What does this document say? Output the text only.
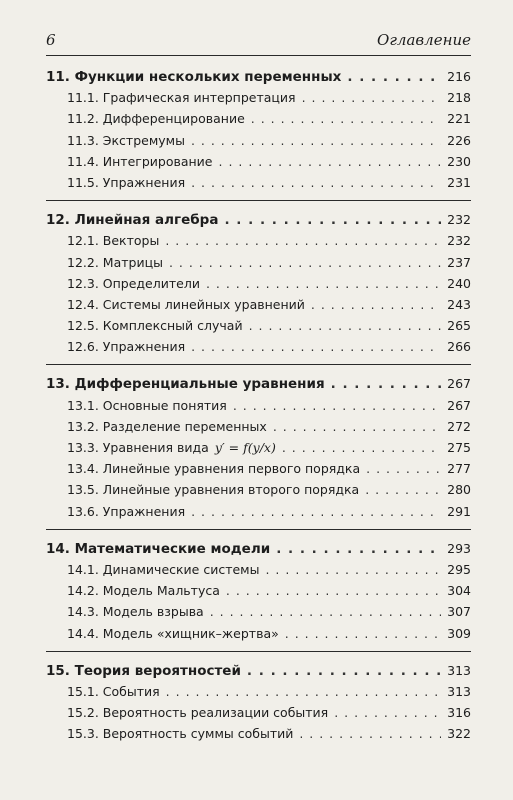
6	Оглавление
11. Функции нескольких переменных . . .	216
11.1. Графическая интерпретация . . .	218
11.2. Дифференцирование . . .	221
11.3. Экстремумы . . .	226
11.4. Интегрирование . . .	230
11.5. Упражнения . . .	231
12. Линейная алгебра . . .	232
12.1. Векторы . . .	232
12.2. Матрицы . . .	237
12.3. Определители . . .	240
12.4. Системы линейных уравнений . . .	243
12.5. Комплексный случай . . .	265
12.6. Упражнения . . .	266
13. Дифференциальные уравнения . . .	267
13.1. Основные понятия . . .	267
13.2. Разделение переменных . . .	272
13.3. Уравнения вида y′ = f(y/x) . . .	275
13.4. Линейные уравнения первого порядка . . .	277
13.5. Линейные уравнения второго порядка . . .	280
13.6. Упражнения . . .	291
14. Математические модели . . .	293
14.1. Динамические системы . . .	295
14.2. Модель Мальтуса . . .	304
14.3. Модель взрыва . . .	307
14.4. Модель «хищник–жертва» . . .	309
15. Теория вероятностей . . .	313
15.1. События . . .	313
15.2. Вероятность реализации события . . .	316
15.3. Вероятность суммы событий . . .	322
